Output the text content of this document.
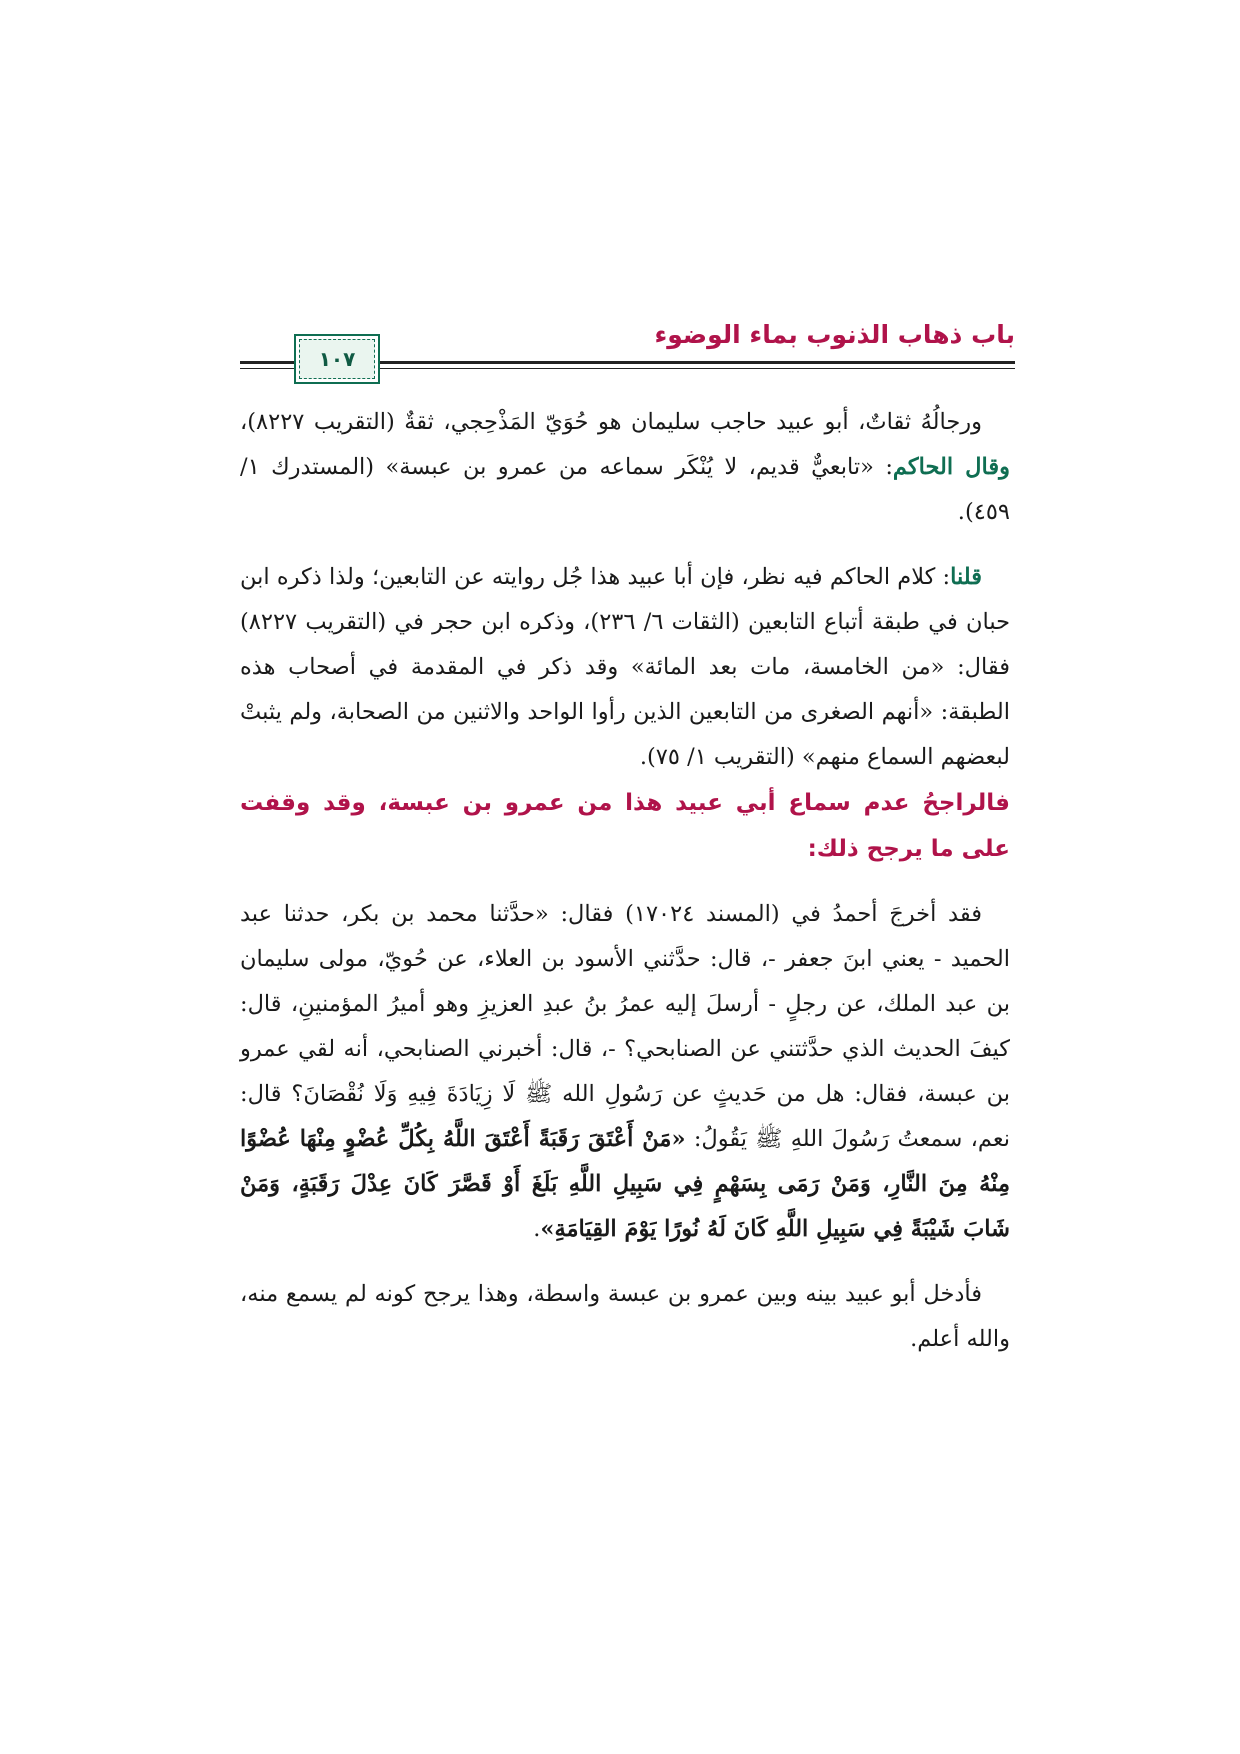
باب ذهاب الذنوب بماء الوضوء
١٠٧

ورجالُهُ ثقاتٌ، أبو عبيد حاجب سليمان هو حُوَيّ المَذْحِجي، ثقةٌ (التقريب ٨٢٢٧)، وقال الحاكم: «تابعيٌّ قديم، لا يُنْكَر سماعه من عمرو بن عبسة» (المستدرك ١/ ٤٥٩).

قلنا: كلام الحاكم فيه نظر، فإن أبا عبيد هذا جُل روايته عن التابعين؛ ولذا ذكره ابن حبان في طبقة أتباع التابعين (الثقات ٦/ ٢٣٦)، وذكره ابن حجر في (التقريب ٨٢٢٧) فقال: «من الخامسة، مات بعد المائة» وقد ذكر في المقدمة في أصحاب هذه الطبقة: «أنهم الصغرى من التابعين الذين رأوا الواحد والاثنين من الصحابة، ولم يثبتْ لبعضهم السماع منهم» (التقريب ١/ ٧٥).

فالراجحُ عدم سماع أبي عبيد هذا من عمرو بن عبسة، وقد وقفت على ما يرجح ذلك:

فقد أخرجَ أحمدُ في (المسند ١٧٠٢٤) فقال: «حدَّثنا محمد بن بكر، حدثنا عبد الحميد - يعني ابنَ جعفر -، قال: حدَّثني الأسود بن العلاء، عن حُويّ، مولى سليمان بن عبد الملك، عن رجلٍ - أرسلَ إليه عمرُ بنُ عبدِ العزيزِ وهو أميرُ المؤمنينِ، قال: كيفَ الحديث الذي حدَّثتني عن الصنابحي؟ -، قال: أخبرني الصنابحي، أنه لقي عمرو بن عبسة، فقال: هل من حَديثٍ عن رَسُولِ الله ﷺ لَا زِيَادَةَ فِيهِ وَلَا نُقْصَانَ؟ قال: نعم، سمعتُ رَسُولَ اللهِ ﷺ يَقُولُ: «مَنْ أَعْتَقَ رَقَبَةً أَعْتَقَ اللَّهُ بِكُلِّ عُضْوٍ مِنْهَا عُضْوًا مِنْهُ مِنَ النَّارِ، وَمَنْ رَمَى بِسَهْمٍ فِي سَبِيلِ اللَّهِ بَلَغَ أَوْ قَصَّرَ كَانَ عِدْلَ رَقَبَةٍ، وَمَنْ شَابَ شَيْبَةً فِي سَبِيلِ اللَّهِ كَانَ لَهُ نُورًا يَوْمَ القِيَامَةِ».

فأدخل أبو عبيد بينه وبين عمرو بن عبسة واسطة، وهذا يرجح كونه لم يسمع منه، والله أعلم.
